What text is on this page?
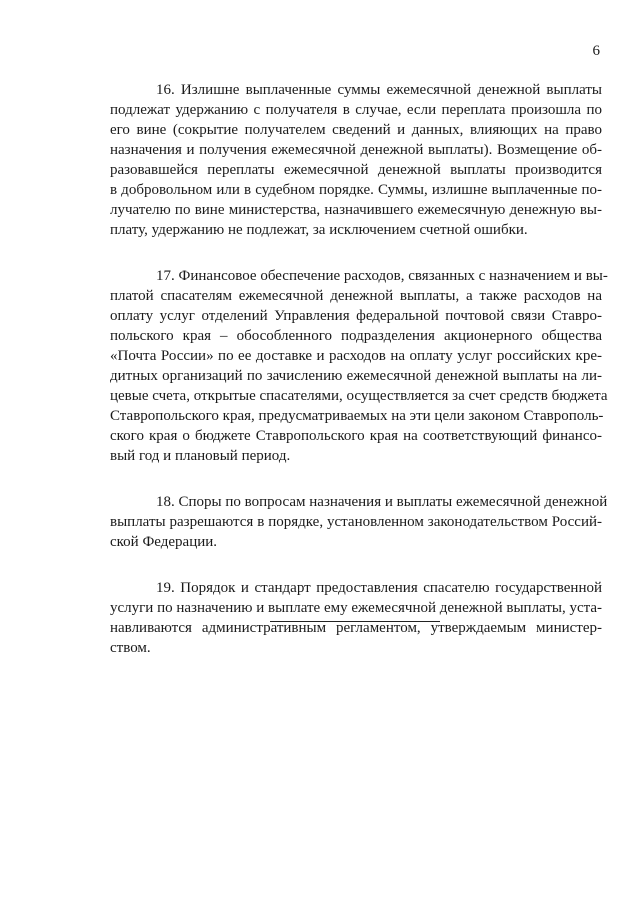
6

16. Излишне выплаченные суммы ежемесячной денежной выплаты
подлежат удержанию с получателя в случае, если переплата произошла по
его вине (сокрытие получателем сведений и данных, влияющих на право
назначения и получения ежемесячной денежной выплаты). Возмещение об-
разовавшейся переплаты ежемесячной денежной выплаты производится
в добровольном или в судебном порядке. Суммы, излишне выплаченные по-
лучателю по вине министерства, назначившего ежемесячную денежную вы-
плату, удержанию не подлежат, за исключением счетной ошибки.

17. Финансовое обеспечение расходов, связанных с назначением и вы-
платой спасателям ежемесячной денежной выплаты, а также расходов на
оплату услуг отделений Управления федеральной почтовой связи Ставро-
польского края – обособленного подразделения акционерного общества
«Почта России» по ее доставке и расходов на оплату услуг российских кре-
дитных организаций по зачислению ежемесячной денежной выплаты на ли-
цевые счета, открытые спасателями, осуществляется за счет средств бюджета
Ставропольского края, предусматриваемых на эти цели законом Ставрополь-
ского края о бюджете Ставропольского края на соответствующий финансо-
вый год и плановый период.

18. Споры по вопросам назначения и выплаты ежемесячной денежной
выплаты разрешаются в порядке, установленном законодательством Россий-
ской Федерации.

19. Порядок и стандарт предоставления спасателю государственной
услуги по назначению и выплате ему ежемесячной денежной выплаты, уста-
навливаются административным регламентом, утверждаемым министер-
ством.
